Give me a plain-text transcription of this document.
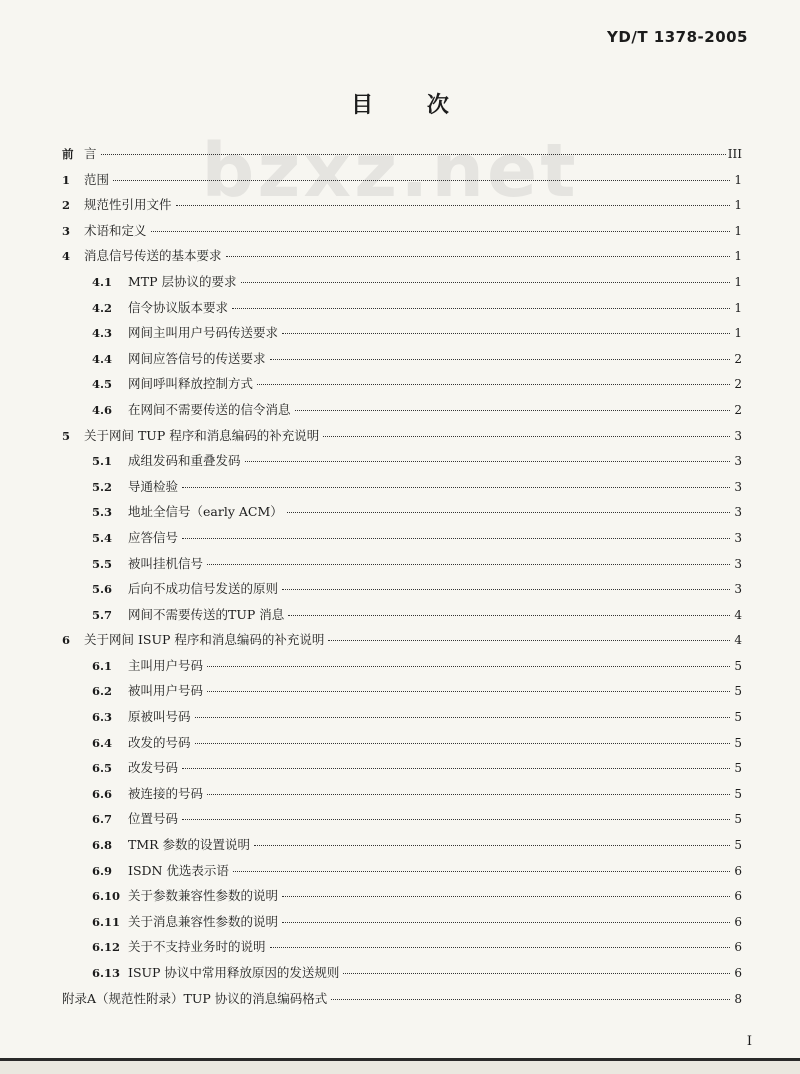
YD/T 1378-2005
目 次
bzxz.net
前 言	III
1	范围	1
2	规范性引用文件	1
3	术语和定义	1
4	消息信号传送的基本要求	1
4.1	MTP 层协议的要求	1
4.2	信令协议版本要求	1
4.3	网间主叫用户号码传送要求	1
4.4	网间应答信号的传送要求	2
4.5	网间呼叫释放控制方式	2
4.6	在网间不需要传送的信令消息	2
5	关于网间 TUP 程序和消息编码的补充说明	3
5.1	成组发码和重叠发码	3
5.2	导通检验	3
5.3	地址全信号（early ACM）	3
5.4	应答信号	3
5.5	被叫挂机信号	3
5.6	后向不成功信号发送的原则	3
5.7	网间不需要传送的TUP 消息	4
6	关于网间 ISUP 程序和消息编码的补充说明	4
6.1	主叫用户号码	5
6.2	被叫用户号码	5
6.3	原被叫号码	5
6.4	改发的号码	5
6.5	改发号码	5
6.6	被连接的号码	5
6.7	位置号码	5
6.8	TMR 参数的设置说明	5
6.9	ISDN 优选表示语	6
6.10 关于参数兼容性参数的说明	6
6.11 关于消息兼容性参数的说明	6
6.12 关于不支持业务时的说明	6
6.13 ISUP 协议中常用释放原因的发送规则	6
附录A（规范性附录）TUP 协议的消息编码格式	8
I
